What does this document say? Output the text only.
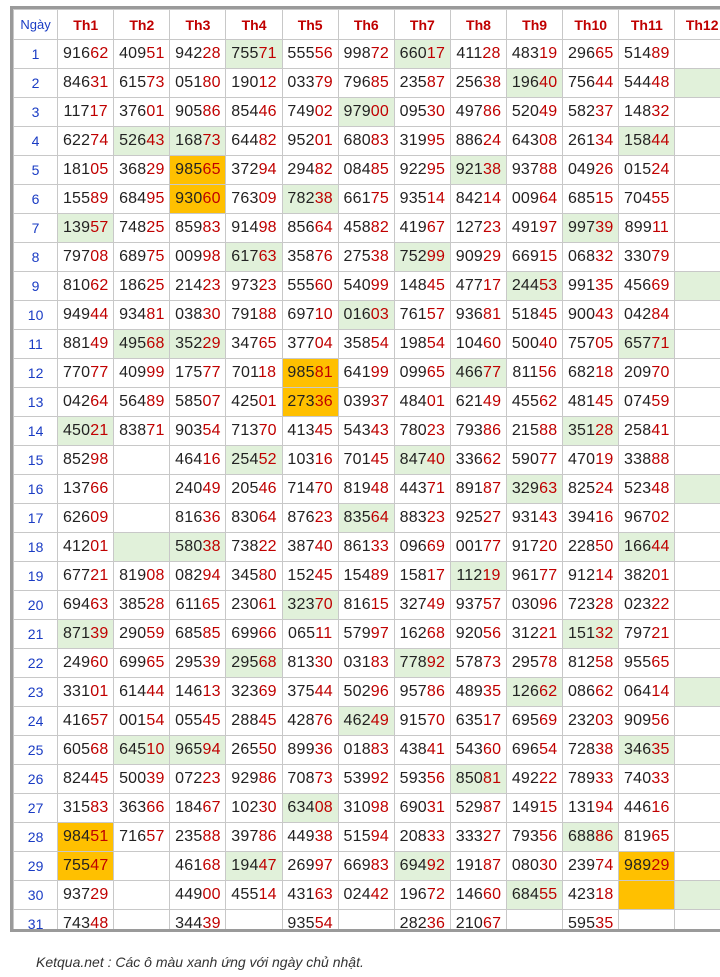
Ngày	Th1	Th2	Th3	Th4	Th5	Th6	Th7	Th8	Th9	Th10	Th11	Th12
1	91662	40951	94228	75571	55556	99872	66017	41128	48319	29665	51489	
2	84631	61573	05180	19012	03379	79685	23587	25638	19640	75644	54448	
3	11717	37601	90586	85446	74902	97900	09530	49786	52049	58237	14832	
4	62274	52643	16873	64482	95201	68083	31995	88624	64308	26134	15844	
5	18105	36829	98565	37294	29482	08485	92295	92138	93788	04926	01524	
6	15589	68495	93060	76309	78238	66175	93514	84214	00964	68515	70455	
7	13957	74825	85983	91498	85664	45882	41967	12723	49197	99739	89911	
8	79708	68975	00998	61763	35876	27538	75299	90929	66915	06832	33079	
9	81062	18625	21423	97323	55560	54099	14845	47717	24453	99135	45669	
10	94944	93481	03830	79188	69710	01603	76157	93681	51845	90043	04284	
11	88149	49568	35229	34765	37704	35854	19854	10460	50040	75705	65771	
12	77077	40999	17577	70118	98581	64199	09965	46677	81156	68218	20970	
13	04264	56489	58507	42501	27336	03937	48401	62149	45562	48145	07459	
14	45021	83871	90354	71370	41345	54343	78023	79386	21588	35128	25841	
15	85298		46416	25452	10316	70145	84740	33662	59077	47019	33888	
16	13766		24049	20546	71470	81948	44371	89187	32963	82524	52348	
17	62609		81636	83064	87623	83564	88323	92527	93143	39416	96702	
18	41201		58038	73822	38740	86133	09669	00177	91720	22850	16644	
19	67721	81908	08294	34580	15245	15489	15817	11219	96177	91214	38201	
20	69463	38528	61165	23061	32370	81615	32749	93757	03096	72328	02322	
21	87139	29059	68585	69966	06511	57997	16268	92056	31221	15132	79721	
22	24960	69965	29539	29568	81330	03183	77892	57873	29578	81258	95565	
23	33101	61444	14613	32369	37544	50296	95786	48935	12662	08662	06414	
24	41657	00154	05545	28845	42876	46249	91570	63517	69569	23203	90956	
25	60568	64510	96594	26550	89936	01883	43841	54360	69654	72838	34635	
26	82445	50039	07223	92986	70873	53992	59356	85081	49222	78933	74033	
27	31583	36366	18467	10230	63408	31098	69031	52987	14915	13194	44616	
28	98451	71657	23588	39786	44938	51594	20833	33327	79356	68886	81965	
29	75547		46168	19447	26997	66983	69492	19187	08030	23974	98929	
30	93729		44900	45514	43163	02442	19672	14660	68455	42318		
31	74348		34439		93554		28236	21067		59535		
Ketqua.net : Các ô màu xanh ứng với ngày chủ nhật.
